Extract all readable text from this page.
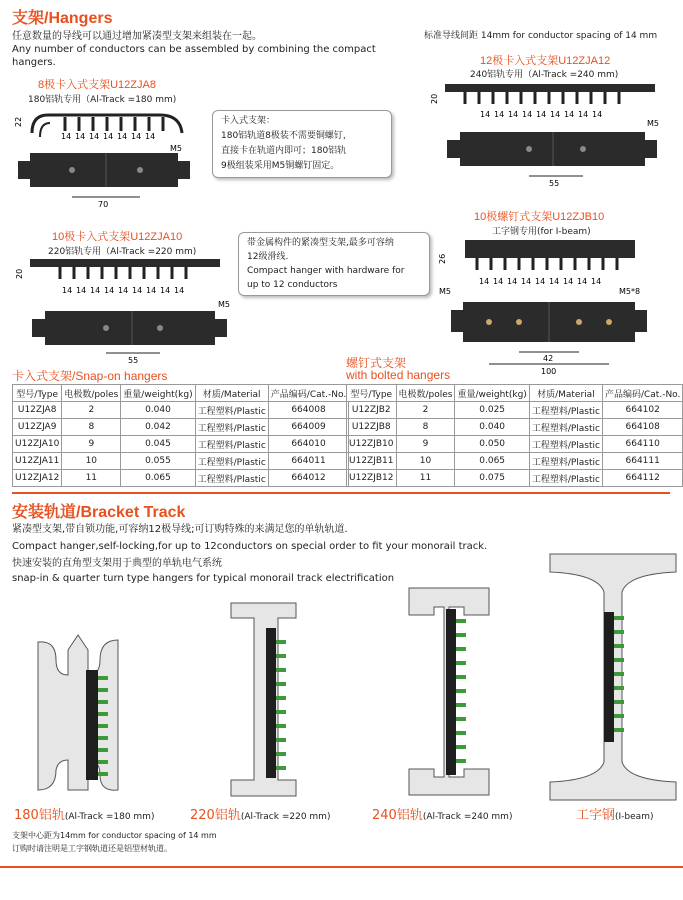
支架/Hangers
任意数量的导线可以通过增加紧凑型支架来组装在一起。
Any number of conductors can be assembled by combining the compact hangers.
标准导线间距 14mm for conductor spacing of 14 mm
8极卡入式支架U12ZJA8
180铝轨专用（Al-Track =180 mm)
14 14 14 14 14 14 14
22
M5
70
卡入式支架：
180铝轨道8极装不需要铜螺钉，
直接卡在轨道内即可；180铝轨
9极组装采用M5铜螺钉固定。
12极卡入式支架U12ZJA12
240铝轨专用（Al-Track =240 mm)
20
14 14 14 14 14 14 14 14 14
M5
55
10极卡入式支架U12ZJA10
220铝轨专用（Al-Track =220 mm)
20
14 14 14 14 14 14 14 14 14
M5
55
带金属构件的紧凑型支架,最多可容纳
12级滑线.
Compact hanger with hardware for
up to 12 conductors
10极螺钉式支架U12ZJB10
工字钢专用(for I-beam)
26
14 14 14 14 14 14 14 14 14
M5	M5*8
42
100
卡入式支架/Snap-on hangers
型号/Type	电极数/poles	重量/weight(kg)	材质/Material	产品编码/Cat.-No.
U12ZJA8	2	0.040	工程塑料/Plastic	664008
U12ZJA9	8	0.042	工程塑料/Plastic	664009
U12ZJA10	9	0.045	工程塑料/Plastic	664010
U12ZJA11	10	0.055	工程塑料/Plastic	664011
U12ZJA12	11	0.065	工程塑料/Plastic	664012
螺钉式支架
with bolted hangers
型号/Type	电极数/poles	重量/weight(kg)	材质/Material	产品编码/Cat.-No.
U12ZJB2	2	0.025	工程塑料/Plastic	664102
U12ZJB8	8	0.040	工程塑料/Plastic	664108
U12ZJB10	9	0.050	工程塑料/Plastic	664110
U12ZJB11	10	0.065	工程塑料/Plastic	664111
U12ZJB12	11	0.075	工程塑料/Plastic	664112
安装轨道/Bracket Track
紧凑型支架,带自锁功能,可容纳12极导线;可订购特殊的来满足您的单轨轨道.
Compact hanger,self-locking,for up to 12conductors on special order to fit your monorail track.
快速安装的直角型支架用于典型的单轨电气系统
snap-in & quarter turn type hangers for typical monorail track electrification
180铝轨(Al-Track =180 mm)	220铝轨(Al-Track =220 mm)	240铝轨(Al-Track =240 mm)	工字钢(I-beam)
支架中心距为14mm for conductor spacing of 14 mm
订购时请注明是工字钢轨道还是铝型材轨道。
